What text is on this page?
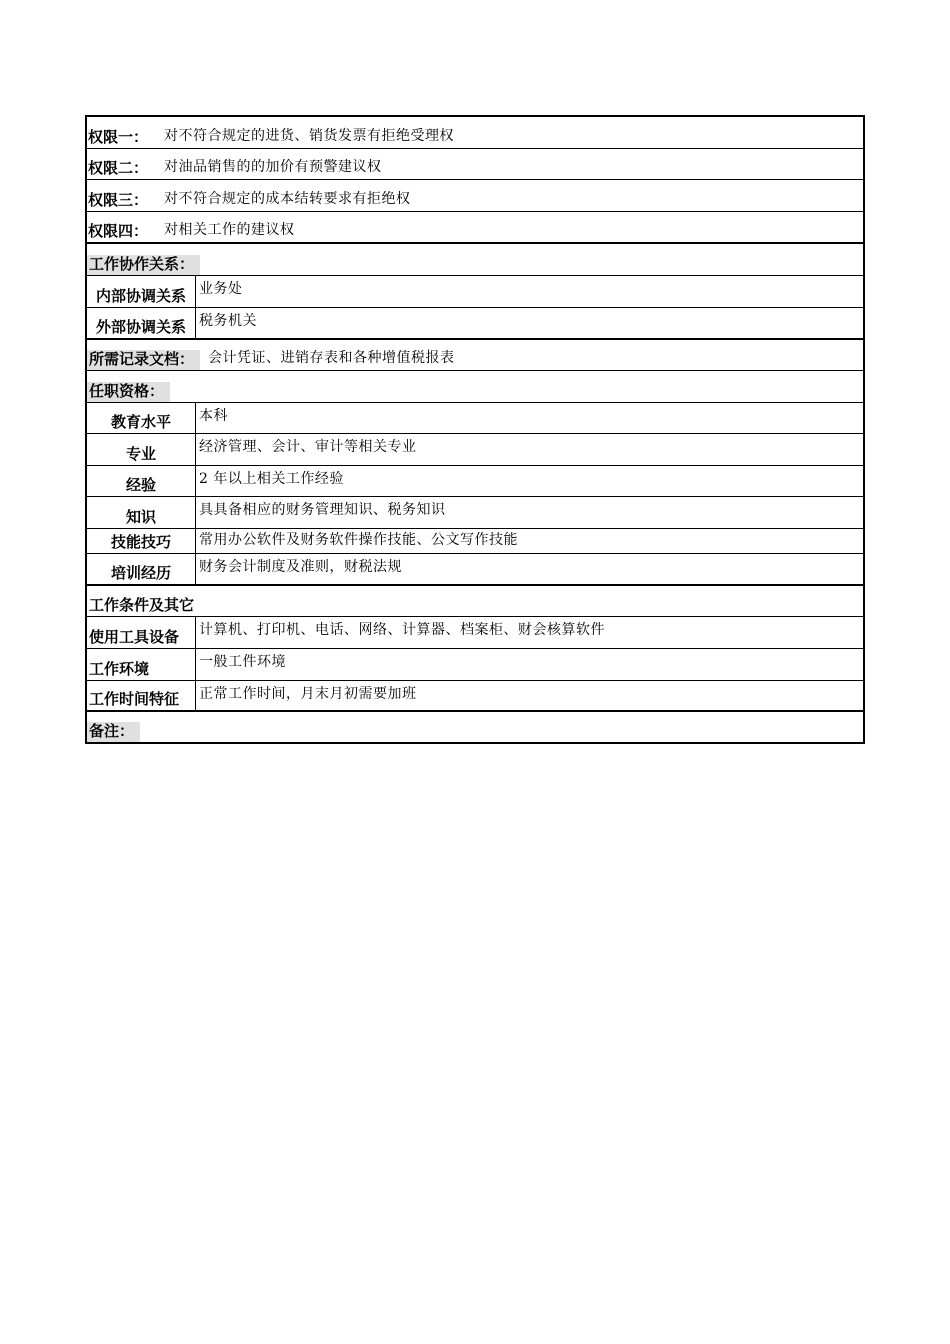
权限一：	对不符合规定的进货、销货发票有拒绝受理权
权限二：	对油品销售的的加价有预警建议权
权限三：	对不符合规定的成本结转要求有拒绝权
权限四：	对相关工作的建议权
工作协作关系：
内部协调关系 业务处
外部协调关系 税务机关
所需记录文档：	会计凭证、进销存表和各种增值税报表
任职资格：
教育水平 本科
专业	经济管理、会计、审计等相关专业
经验	2 年以上相关工作经验
知识	具具备相应的财务管理知识、税务知识
技能技巧 常用办公软件及财务软件操作技能、公文写作技能
培训经历 财务会计制度及准则，财税法规
工作条件及其它
使用工具设备 计算机、打印机、电话、网络、计算器、档案柜、财会核算软件
工作环境	一般工件环境
工作时间特征 正常工作时间，月末月初需要加班
备注：
